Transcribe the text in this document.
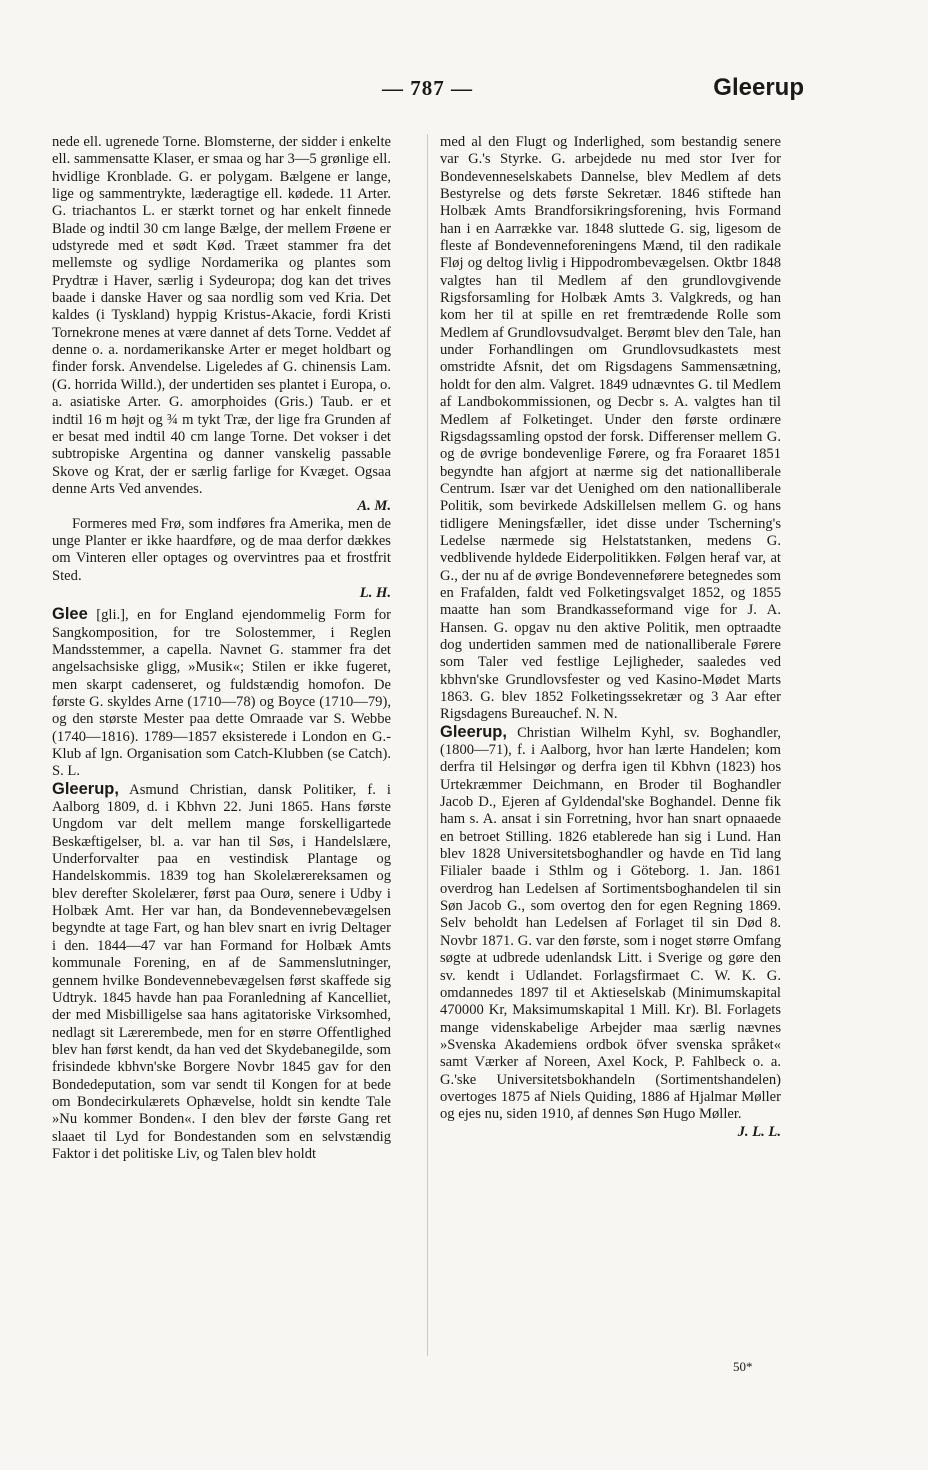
— 787 —	Gleerup

nede ell. ugrenede Torne. Blomsterne, der sidder i enkelte ell. sammensatte Klaser, er smaa og har 3—5 grønlige ell. hvidlige Kronblade. G. er polygam. Bælgene er lange, lige og sammentrykte, læderagtige ell. kødede. 11 Arter. G. triachantos L. er stærkt tornet og har enkelt finnede Blade og indtil 30 cm lange Bælge, der mellem Frøene er udstyrede med et sødt Kød. Træet stammer fra det mellemste og sydlige Nordamerika og plantes som Prydtræ i Haver, særlig i Sydeuropa; dog kan det trives baade i danske Haver og saa nordlig som ved Kria. Det kaldes (i Tyskland) hyppig Kristus-Akacie, fordi Kristi Tornekrone menes at være dannet af dets Torne. Veddet af denne o. a. nordamerikanske Arter er meget holdbart og finder forsk. Anvendelse. Ligeledes af G. chinensis Lam. (G. horrida Willd.), der undertiden ses plantet i Europa, o. a. asiatiske Arter. G. amorphoides (Gris.) Taub. er et indtil 16 m højt og ¾ m tykt Træ, der lige fra Grunden af er besat med indtil 40 cm lange Torne. Det vokser i det subtropiske Argentina og danner vanskelig passable Skove og Krat, der er særlig farlige for Kvæget. Ogsaa denne Arts Ved anvendes.

A. M.

Formeres med Frø, som indføres fra Amerika, men de unge Planter er ikke haardføre, og de maa derfor dækkes om Vinteren eller optages og overvintres paa et frostfrit Sted.

L. H.

Glee [gli.], en for England ejendommelig Form for Sangkomposition, for tre Solostemmer, i Reglen Mandsstemmer, a capella. Navnet G. stammer fra det angelsachsiske gligg, »Musik«; Stilen er ikke fugeret, men skarpt cadenseret, og fuldstændig homofon. De første G. skyldes Arne (1710—78) og Boyce (1710—79), og den største Mester paa dette Omraade var S. Webbe (1740—1816). 1789—1857 eksisterede i London en G.-Klub af lgn. Organisation som Catch-Klubben (se Catch). S. L.

Gleerup, Asmund Christian, dansk Politiker, f. i Aalborg 1809, d. i Kbhvn 22. Juni 1865. Hans første Ungdom var delt mellem mange forskelligartede Beskæftigelser, bl. a. var han til Søs, i Handelslære, Underforvalter paa en vestindisk Plantage og Handelskommis. 1839 tog han Skolelærereksamen og blev derefter Skolelærer, først paa Ourø, senere i Udby i Holbæk Amt. Her var han, da Bondevennebevægelsen begyndte at tage Fart, og han blev snart en ivrig Deltager i den. 1844—47 var han Formand for Holbæk Amts kommunale Forening, en af de Sammenslutninger, gennem hvilke Bondevennebevægelsen først skaffede sig Udtryk. 1845 havde han paa Foranledning af Kancelliet, der med Misbilligelse saa hans agitatoriske Virksomhed, nedlagt sit Lærerembede, men for en større Offentlighed blev han først kendt, da han ved det Skydebanegilde, som frisindede kbhvn'ske Borgere Novbr 1845 gav for den Bondedeputation, som var sendt til Kongen for at bede om Bondecirkulærets Ophævelse, holdt sin kendte Tale »Nu kommer Bonden«. I den blev der første Gang ret slaaet til Lyd for Bondestanden som en selvstændig Faktor i det politiske Liv, og Talen blev holdt

med al den Flugt og Inderlighed, som bestandig senere var G.'s Styrke. G. arbejdede nu med stor Iver for Bondevenneselskabets Dannelse, blev Medlem af dets Bestyrelse og dets første Sekretær. 1846 stiftede han Holbæk Amts Brandforsikringsforening, hvis Formand han i en Aarrække var. 1848 sluttede G. sig, ligesom de fleste af Bondevenneforeningens Mænd, til den radikale Fløj og deltog livlig i Hippodrombevægelsen. Oktbr 1848 valgtes han til Medlem af den grundlovgivende Rigsforsamling for Holbæk Amts 3. Valgkreds, og han kom her til at spille en ret fremtrædende Rolle som Medlem af Grundlovsudvalget. Berømt blev den Tale, han under Forhandlingen om Grundlovsudkastets mest omstridte Afsnit, det om Rigsdagens Sammensætning, holdt for den alm. Valgret. 1849 udnævntes G. til Medlem af Landbokommissionen, og Decbr s. A. valgtes han til Medlem af Folketinget. Under den første ordinære Rigsdagssamling opstod der forsk. Differenser mellem G. og de øvrige bondevenlige Førere, og fra Foraaret 1851 begyndte han afgjort at nærme sig det nationalliberale Centrum. Især var det Uenighed om den nationalliberale Politik, som bevirkede Adskillelsen mellem G. og hans tidligere Meningsfæller, idet disse under Tscherning's Ledelse nærmede sig Helstatstanken, medens G. vedblivende hyldede Eiderpolitikken. Følgen heraf var, at G., der nu af de øvrige Bondevenneførere betegnedes som en Frafalden, faldt ved Folketingsvalget 1852, og 1855 maatte han som Brandkasseformand vige for J. A. Hansen. G. opgav nu den aktive Politik, men optraadte dog undertiden sammen med de nationalliberale Førere som Taler ved festlige Lejligheder, saaledes ved kbhvn'ske Grundlovsfester og ved Kasino-Mødet Marts 1863. G. blev 1852 Folketingssekretær og 3 Aar efter Rigsdagens Bureauchef. N. N.

Gleerup, Christian Wilhelm Kyhl, sv. Boghandler, (1800—71), f. i Aalborg, hvor han lærte Handelen; kom derfra til Helsingør og derfra igen til Kbhvn (1823) hos Urtekræmmer Deichmann, en Broder til Boghandler Jacob D., Ejeren af Gyldendal'ske Boghandel. Denne fik ham s. A. ansat i sin Forretning, hvor han snart opnaaede en betroet Stilling. 1826 etablerede han sig i Lund. Han blev 1828 Universitetsboghandler og havde en Tid lang Filialer baade i Sthlm og i Göteborg. 1. Jan. 1861 overdrog han Ledelsen af Sortimentsboghandelen til sin Søn Jacob G., som overtog den for egen Regning 1869. Selv beholdt han Ledelsen af Forlaget til sin Død 8. Novbr 1871. G. var den første, som i noget større Omfang søgte at udbrede udenlandsk Litt. i Sverige og gøre den sv. kendt i Udlandet. Forlagsfirmaet C. W. K. G. omdannedes 1897 til et Aktieselskab (Minimumskapital 470000 Kr, Maksimumskapital 1 Mill. Kr). Bl. Forlagets mange videnskabelige Arbejder maa særlig nævnes »Svenska Akademiens ordbok öfver svenska språket« samt Værker af Noreen, Axel Kock, P. Fahlbeck o. a. G.'ske Universitetsbokhandeln (Sortimentshandelen) overtoges 1875 af Niels Quiding, 1886 af Hjalmar Møller og ejes nu, siden 1910, af dennes Søn Hugo Møller.

J. L. L.
50*
